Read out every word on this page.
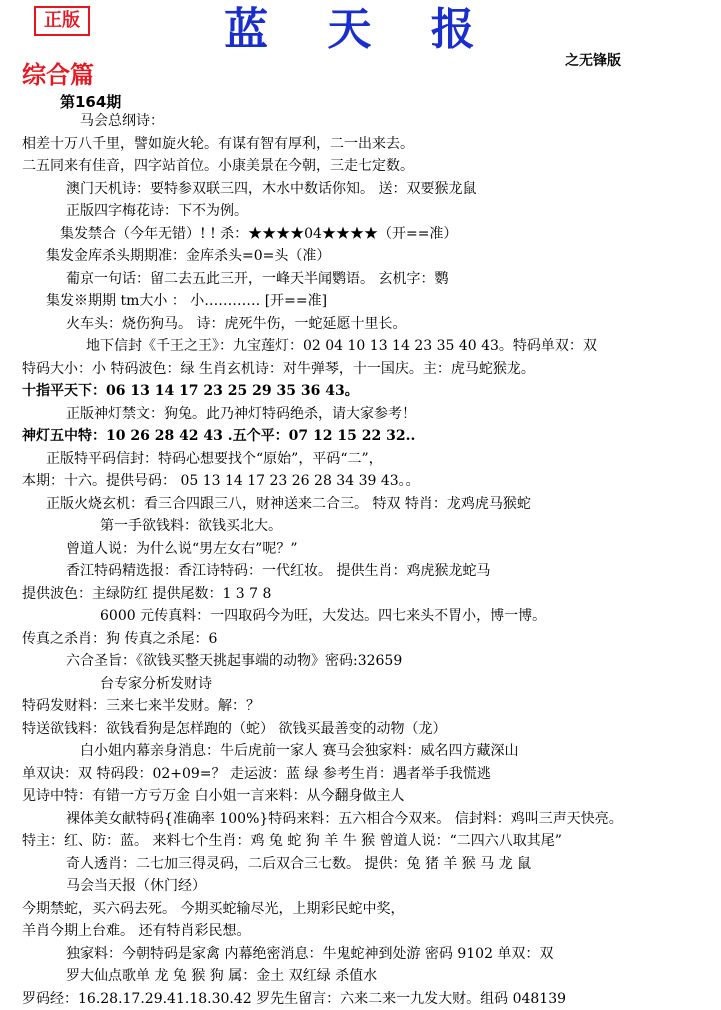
正版	蓝 天 报
之无锋版
综合篇
第164期
马会总纲诗：
相差十万八千里，譬如旋火轮。有谋有智有厚利，二一出来去。
二五同来有佳音，四字站首位。小康美景在今朝，三走七定数。
澳门天机诗：要特参双联三四，木水中数话你知。 送：双要猴龙鼠
正版四字梅花诗：下不为例。
集发禁合（今年无错）! ! 杀：★★★★04★★★★（开==准）
集发金库杀头期期准：金库杀头=0=头（准）
葡京一句话：留二去五此三开，一峰天半闻鹦语。 玄机字：鹦
集发※期期 tm大小 ： 小………… [开==准]
火车头：烧伤狗马。 诗：虎死牛伤，一蛇延愿十里长。
地下信封《千王之王》：九宝莲灯：02 04 10 13 14 23 35 40 43。特码单双：双
特码大小：小 特码波色：绿 生肖玄机诗：对牛弹琴，十一国庆。主：虎马蛇猴龙。
十指平天下：06 13 14 17 23 25 29 35 36 43。
正版神灯禁文：狗兔。此乃神灯特码绝杀，请大家参考！
神灯五中特：10 26 28 42 43 .五个平：07 12 15 22 32..
正版特平码信封：特码心想要找个“原始”，平码“二”，
本期：十六。提供号码： 05 13 14 17 23 26 28 34 39 43。。
正版火烧玄机：看三合四跟三八，财神送来二合三。 特双 特肖：龙鸡虎马猴蛇
第一手欲钱料：欲钱买北大。
曾道人说：为什么说“男左女右”呢？”
香江特码精选报：香江诗特码：一代红妆。 提供生肖：鸡虎猴龙蛇马
提供波色：主绿防红 提供尾数：1 3 7 8
6000 元传真料：一四取码今为旺，大发达。四七来头不胃小，博一博。
传真之杀肖：狗 传真之杀尾：6
六合圣旨：《欲钱买整天挑起事端的动物》密码:32659
台专家分析发财诗
特码发财料：三来七来半发财。解：？
特送欲钱料：欲钱看狗是怎样跑的（蛇） 欲钱买最善变的动物（龙）
白小姐内幕亲身消息：牛后虎前一家人 赛马会独家料：威名四方藏深山
单双诀：双 特码段：02+09=？ 走运波：蓝 绿 参考生肖：遇者举手我慌逃
见诗中特：有错一方亏万金 白小姐一言来料：从今翻身做主人
裸体美女献特码{准确率 100%}特码来料：五六相合今双来。 信封料：鸡叫三声天快亮。
特主：红、防：蓝。 来料七个生肖：鸡 兔 蛇 狗 羊 牛 猴 曾道人说：“二四六八取其尾”
奇人透肖：二七加三得灵码，二后双合三七数。 提供：兔 猪 羊 猴 马 龙 鼠
马会当天报（休门经）
今期禁蛇，买六码去死。 今期买蛇输尽光，上期彩民蛇中奖，
羊肖今期上台难。 还有特肖彩民想。
独家料：今朝特码是家禽 内幕绝密消息：牛鬼蛇神到处游 密码 9102 单双：双
罗大仙点歌单 龙 兔 猴 狗 属：金土 双红绿 杀值水
罗码经：16.28.17.29.41.18.30.42 罗先生留言：六来二来一九发大财。组码 048139
